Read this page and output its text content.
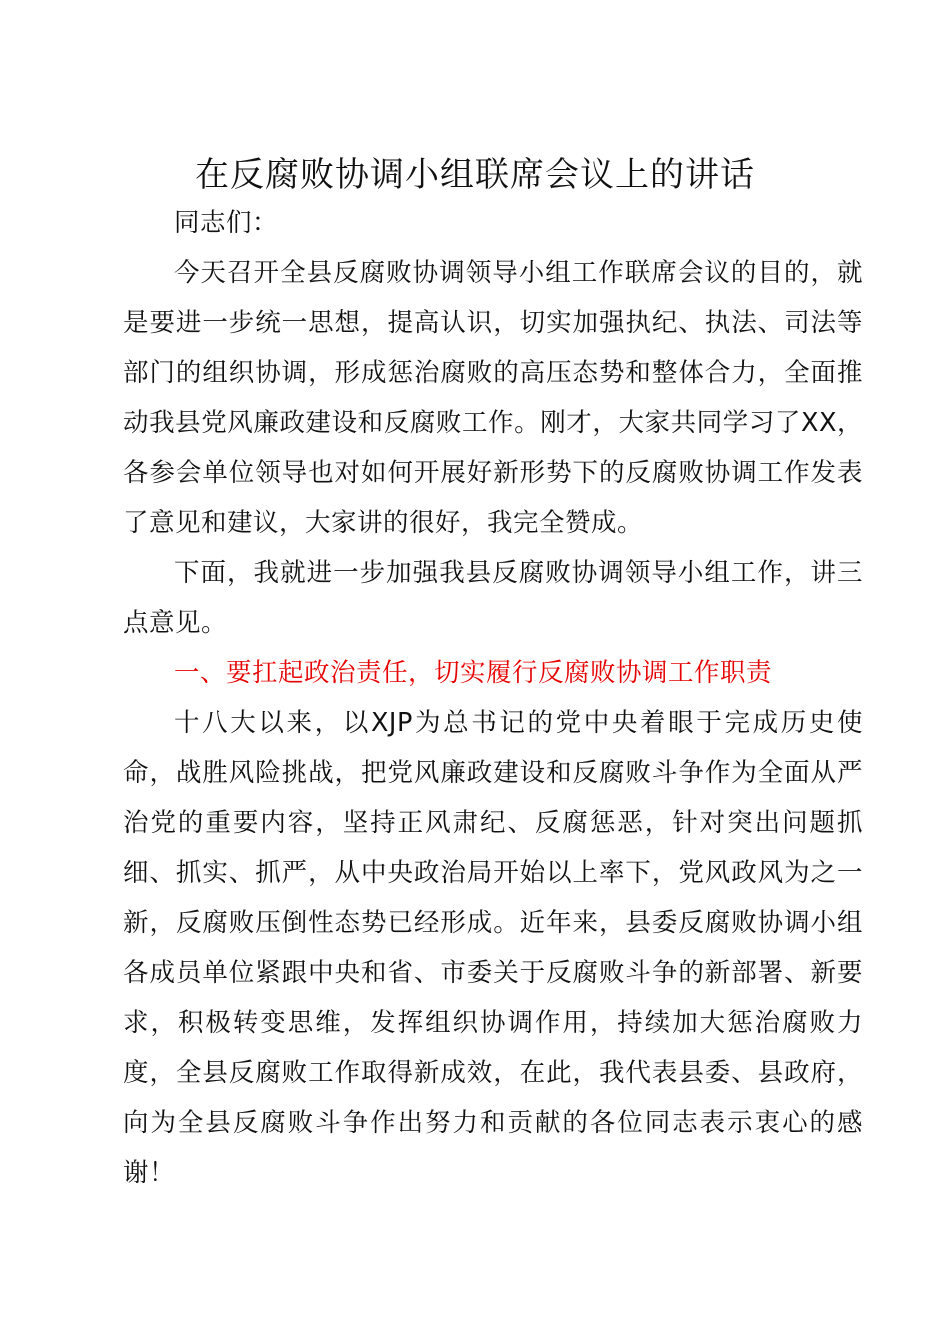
在反腐败协调小组联席会议上的讲话

同志们：

今天召开全县反腐败协调领导小组工作联席会议的目的，就是要进一步统一思想，提高认识，切实加强执纪、执法、司法等部门的组织协调，形成惩治腐败的高压态势和整体合力，全面推动我县党风廉政建设和反腐败工作。刚才，大家共同学习了XX，各参会单位领导也对如何开展好新形势下的反腐败协调工作发表了意见和建议，大家讲的很好，我完全赞成。

下面，我就进一步加强我县反腐败协调领导小组工作，讲三点意见。

一、要扛起政治责任，切实履行反腐败协调工作职责

十八大以来，以XJP为总书记的党中央着眼于完成历史使命，战胜风险挑战，把党风廉政建设和反腐败斗争作为全面从严治党的重要内容，坚持正风肃纪、反腐惩恶，针对突出问题抓细、抓实、抓严，从中央政治局开始以上率下，党风政风为之一新，反腐败压倒性态势已经形成。近年来，县委反腐败协调小组各成员单位紧跟中央和省、市委关于反腐败斗争的新部署、新要求，积极转变思维，发挥组织协调作用，持续加大惩治腐败力度，全县反腐败工作取得新成效，在此，我代表县委、县政府，向为全县反腐败斗争作出努力和贡献的各位同志表示衷心的感谢！
